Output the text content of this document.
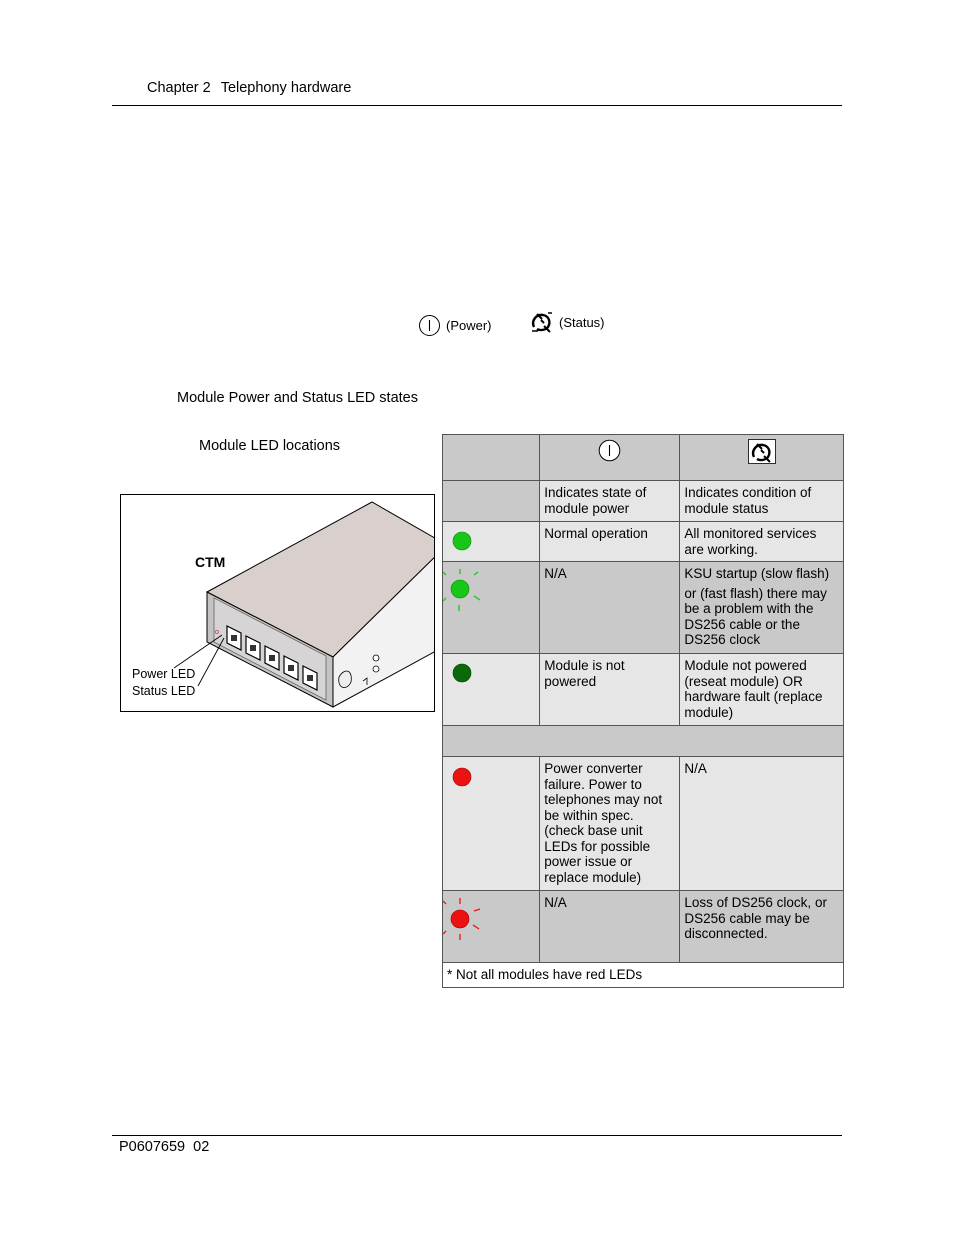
Chapter 2 Telephony hardware
(Power)	(Status)
Module Power and Status LED states
Module LED locations
CTM
Power LED
Status LED

	Indicates state of module power	Indicates condition of module status

	Normal operation	All monitored services are working.

	N/A	KSU startup (slow flash)
or (fast flash) there may be a problem with the DS256 cable or the DS256 clock

	Module is not powered	Module not powered (reseat module) OR hardware fault (replace module)

	Power converter failure. Power to telephones may not be within spec. (check base unit LEDs for possible power issue or replace module)	N/A

	N/A	Loss of DS256 clock, or DS256 cable may be disconnected.
* Not all modules have red LEDs		
P0607659 02
